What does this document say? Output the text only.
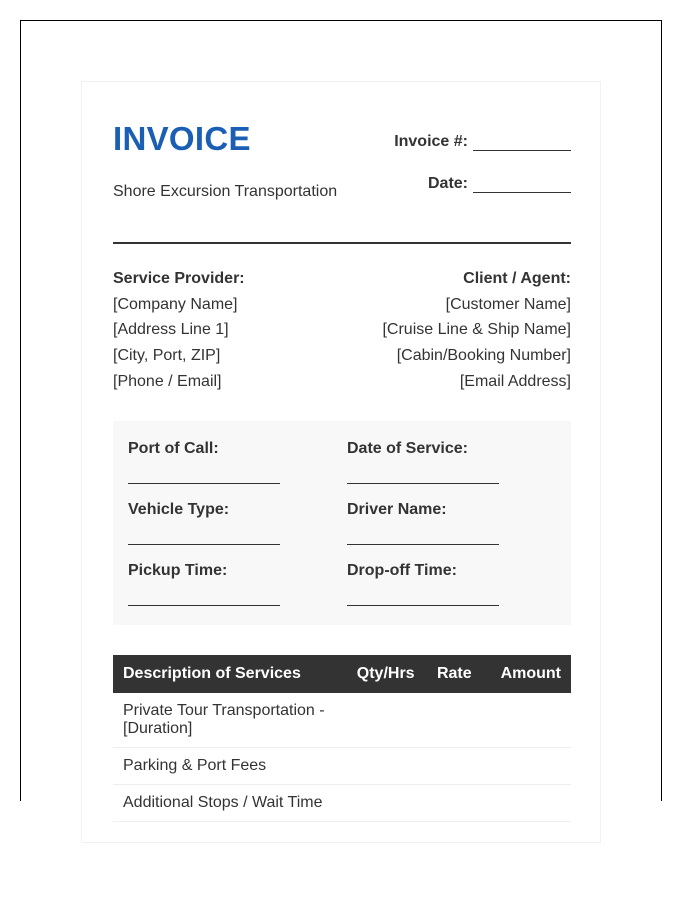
INVOICE
Shore Excursion Transportation
Invoice #:
Date:
Service Provider:
[Company Name]
[Address Line 1]
[City, Port, ZIP]
[Phone / Email]
Client / Agent:
[Customer Name]
[Cruise Line & Ship Name]
[Cabin/Booking Number]
[Email Address]
Port of Call:	Date of Service:
Vehicle Type:	Driver Name:
Pickup Time:	Drop-off Time:
Description of Services	Qty/Hrs	Rate	Amount
Private Tour Transportation - [Duration]			
Parking & Port Fees			
Additional Stops / Wait Time			
